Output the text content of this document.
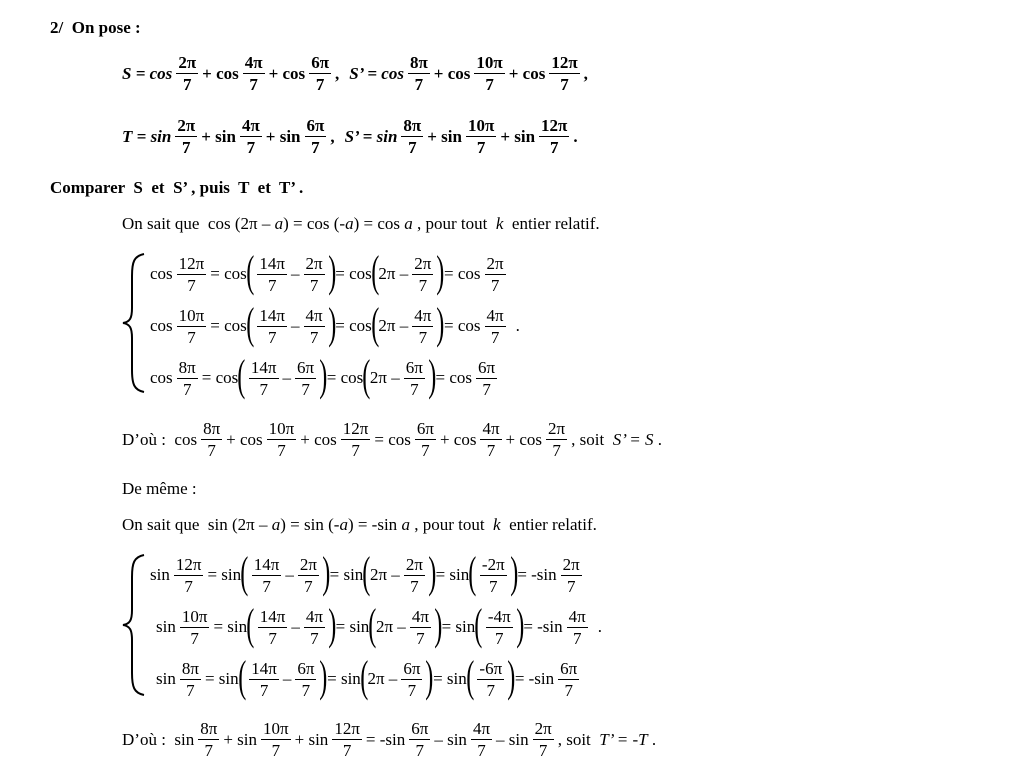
2/  On pose :
$S = \cos \frac{2\pi}{7} + \cos \frac{4\pi}{7} + \cos \frac{6\pi}{7}$ , S’ = $\cos \frac{8\pi}{7} + \cos \frac{10\pi}{7} + \cos \frac{12\pi}{7}$ ,
$T = \sin \frac{2\pi}{7} + \sin \frac{4\pi}{7} + \sin \frac{6\pi}{7}$ , S’ = $\sin \frac{8\pi}{7} + \sin \frac{10\pi}{7} + \sin \frac{12\pi}{7}$ .
Comparer  S  et  S’ , puis  T  et  T’ .
On sait que  cos (2π – a ) = cos (- a ) = cos a , pour tout k entier relatif.
$\cos \frac{12\pi}{7} = \cos$ ( $\frac{14\pi}{7} - \frac{2\pi}{7}$ ) = cos ( $2\pi - \frac{2\pi}{7}$ ) = $\cos \frac{2\pi}{7}$
$\cos \frac{10\pi}{7} = \cos$ ( $\frac{14\pi}{7} - \frac{4\pi}{7}$ ) = cos ( $2\pi - \frac{4\pi}{7}$ ) = $\cos \frac{4\pi}{7}$ .
$\cos \frac{8\pi}{7} = \cos$ ( $\frac{14\pi}{7} - \frac{6\pi}{7}$ ) = cos ( $2\pi - \frac{6\pi}{7}$ ) = $\cos \frac{6\pi}{7}$
D’où :  $\cos \frac{8\pi}{7} + \cos \frac{10\pi}{7} + \cos \frac{12\pi}{7} = \cos \frac{6\pi}{7} + \cos \frac{4\pi}{7} + \cos \frac{2\pi}{7}$ , soit S’ = S .
De même :
On sait que  sin (2π – a ) = sin (- a ) = -sin a , pour tout k entier relatif.
$\sin \frac{12\pi}{7} = \sin$ ( $\frac{14\pi}{7} - \frac{2\pi}{7}$ ) = sin ( $2\pi - \frac{2\pi}{7}$ ) = sin ( $\frac{-2\pi}{7}$ ) = $-\sin \frac{2\pi}{7}$
$\sin \frac{10\pi}{7} = \sin$ ( $\frac{14\pi}{7} - \frac{4\pi}{7}$ ) = sin ( $2\pi - \frac{4\pi}{7}$ ) = sin ( $\frac{-4\pi}{7}$ ) = $-\sin \frac{4\pi}{7}$ .
$\sin \frac{8\pi}{7} = \sin$ ( $\frac{14\pi}{7} - \frac{6\pi}{7}$ ) = sin ( $2\pi - \frac{6\pi}{7}$ ) = sin ( $\frac{-6\pi}{7}$ ) = $-\sin \frac{6\pi}{7}$
D’où :  $\sin \frac{8\pi}{7} + \sin \frac{10\pi}{7} + \sin \frac{12\pi}{7} = -\sin \frac{6\pi}{7} - \sin \frac{4\pi}{7} - \sin \frac{2\pi}{7}$ , soit T’ = -T .
